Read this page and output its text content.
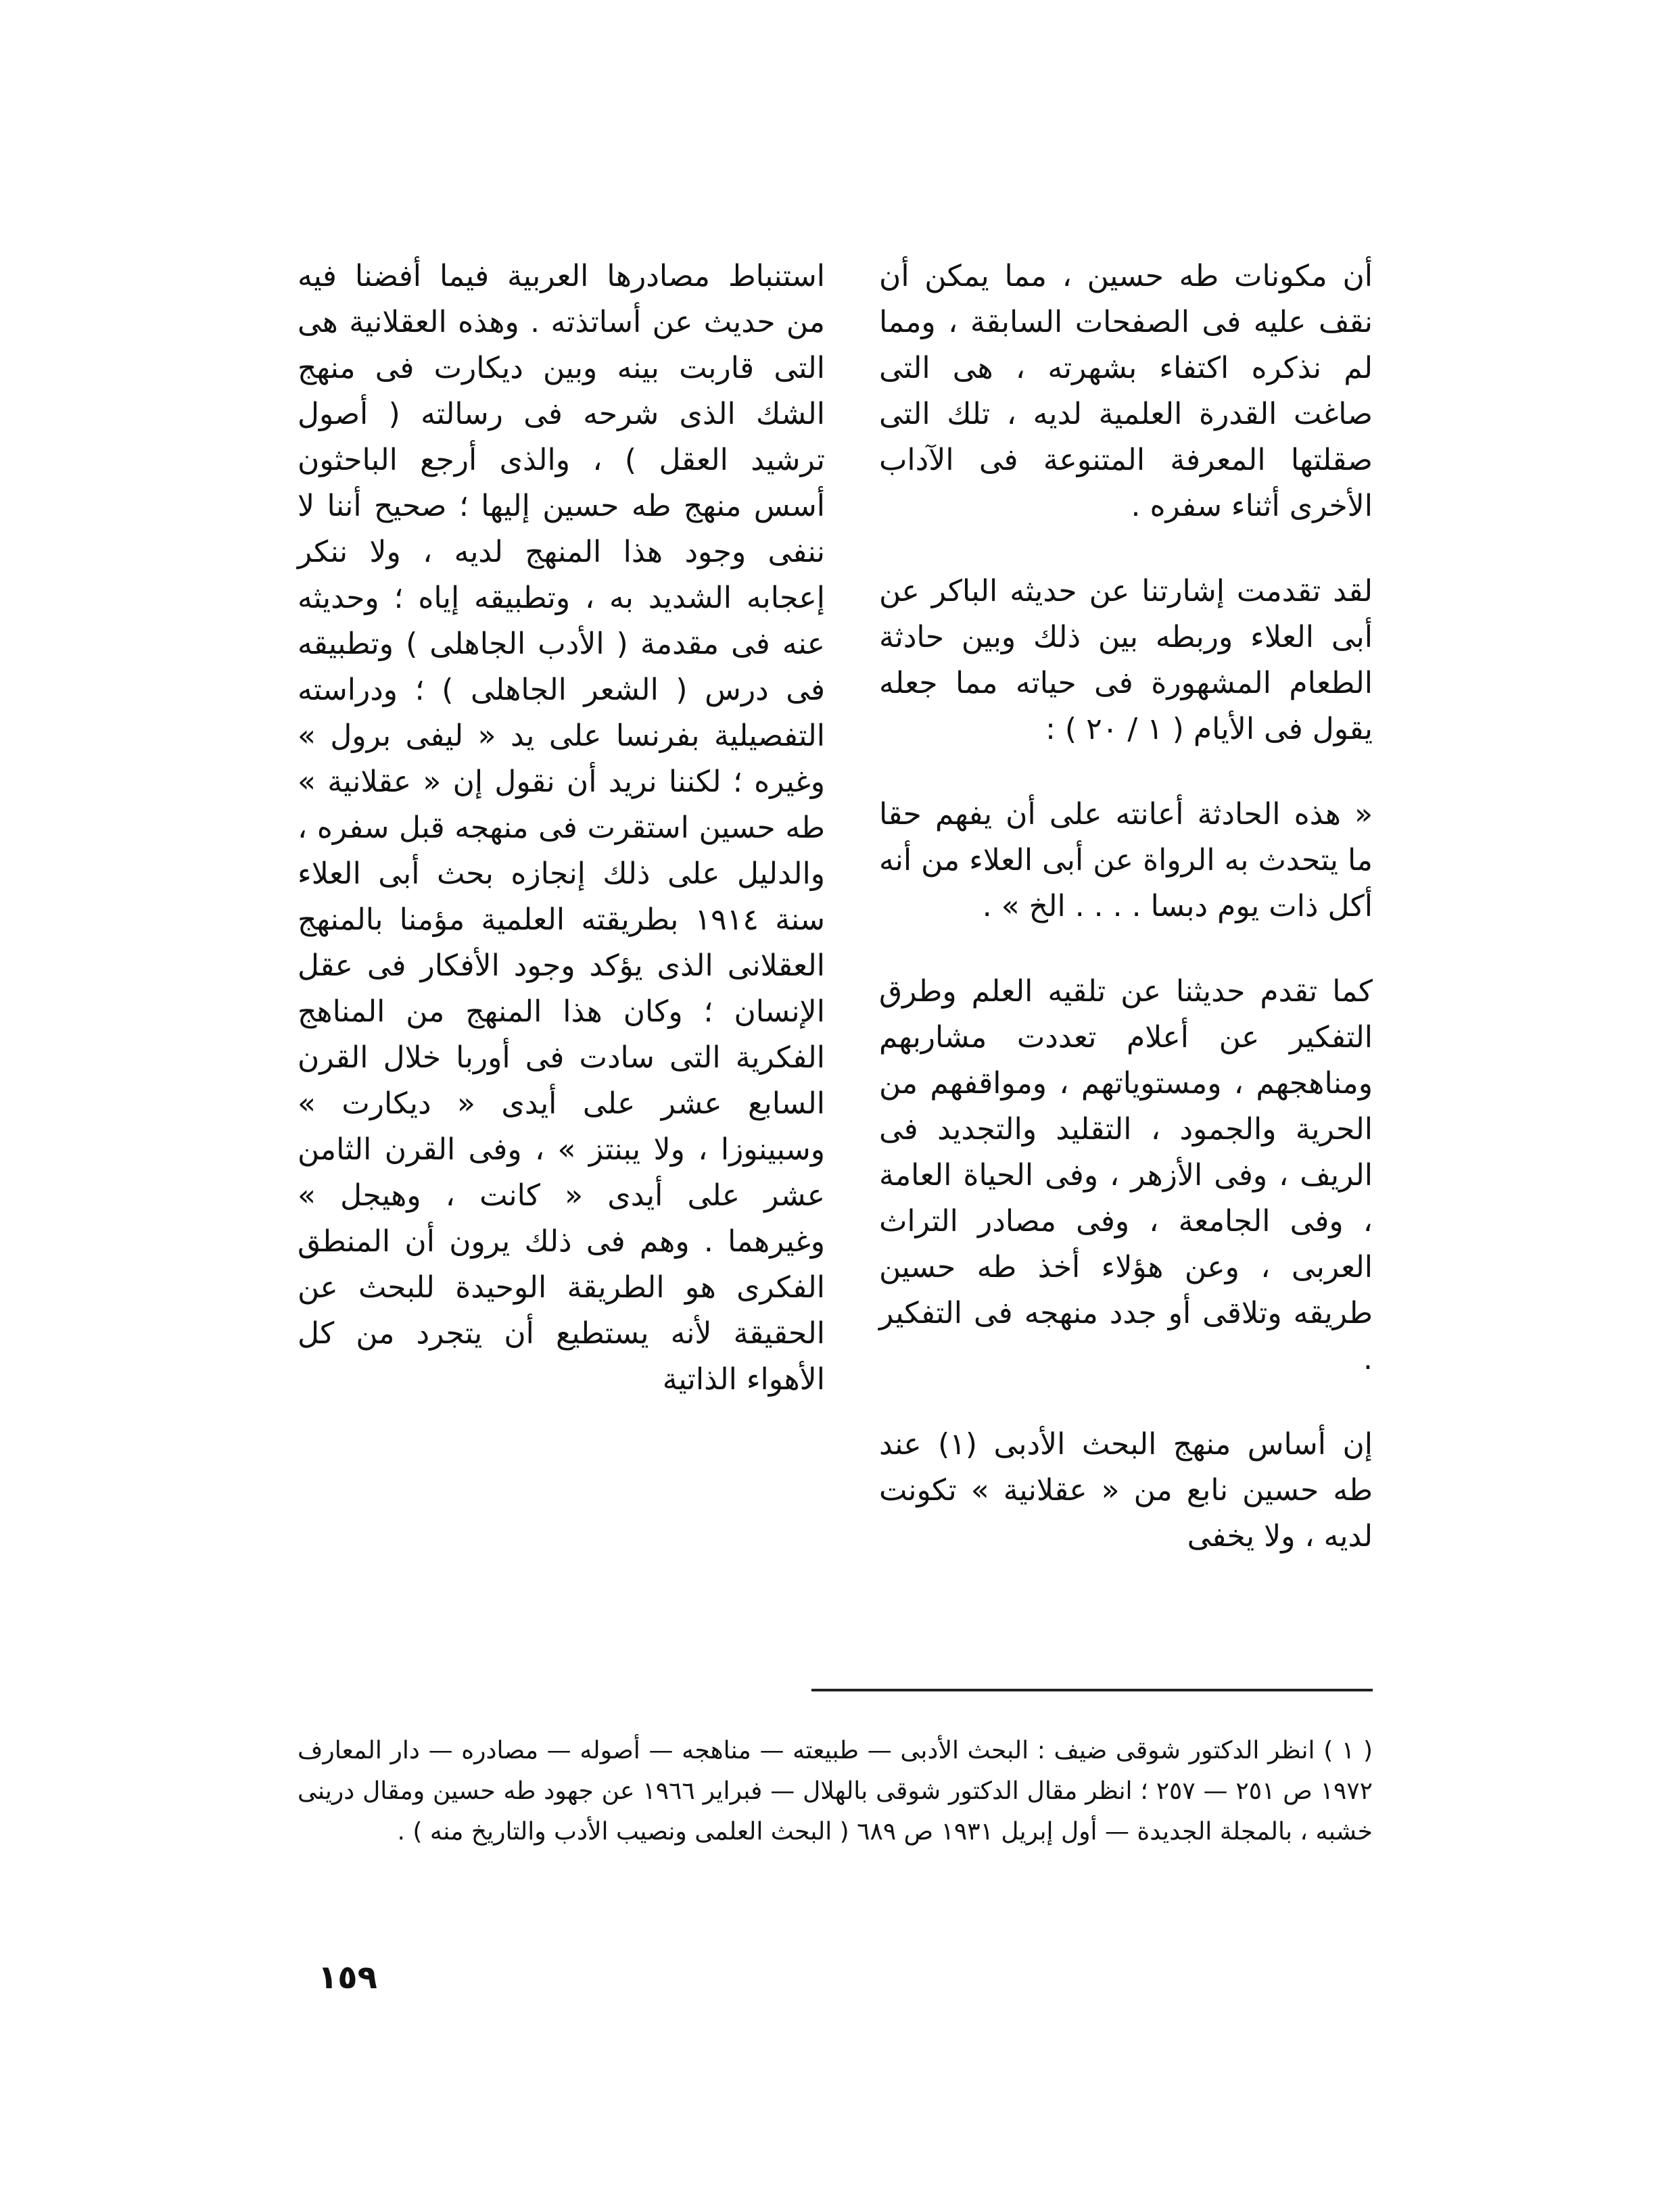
أن مكونات طه حسين ، مما يمكن أن نقف عليه فى الصفحات السابقة ، ومما لم نذكره اكتفاء بشهرته ، هى التى صاغت القدرة العلمية لديه ، تلك التى صقلتها المعرفة المتنوعة فى الآداب الأخرى أثناء سفره .

لقد تقدمت إشارتنا عن حديثه الباكر عن أبى العلاء وربطه بين ذلك وبين حادثة الطعام المشهورة فى حياته مما جعله يقول فى الأيام ( ١ / ٢٠ ) :

« هذه الحادثة أعانته على أن يفهم حقا ما يتحدث به الرواة عن أبى العلاء من أنه أكل ذات يوم دبسا . . . . الخ » .

كما تقدم حديثنا عن تلقيه العلم وطرق التفكير عن أعلام تعددت مشاربهم ومناهجهم ، ومستوياتهم ، ومواقفهم من الحرية والجمود ، التقليد والتجديد فى الريف ، وفى الأزهر ، وفى الحياة العامة ، وفى الجامعة ، وفى مصادر التراث العربى ، وعن هؤلاء أخذ طه حسين طريقه وتلاقى أو جدد منهجه فى التفكير .

إن أساس منهج البحث الأدبى (١) عند طه حسين نابع من « عقلانية » تكونت لديه ، ولا يخفى

استنباط مصادرها العربية فيما أفضنا فيه من حديث عن أساتذته . وهذه العقلانية هى التى قاربت بينه وبين ديكارت فى منهج الشك الذى شرحه فى رسالته ( أصول ترشيد العقل ) ، والذى أرجع الباحثون أسس منهج طه حسين إليها ؛ صحيح أننا لا ننفى وجود هذا المنهج لديه ، ولا ننكر إعجابه الشديد به ، وتطبيقه إياه ؛ وحديثه عنه فى مقدمة ( الأدب الجاهلى ) وتطبيقه فى درس ( الشعر الجاهلى ) ؛ ودراسته التفصيلية بفرنسا على يد « ليفى برول » وغيره ؛ لكننا نريد أن نقول إن « عقلانية » طه حسين استقرت فى منهجه قبل سفره ، والدليل على ذلك إنجازه بحث أبى العلاء سنة ١٩١٤ بطريقته العلمية مؤمنا بالمنهج العقلانى الذى يؤكد وجود الأفكار فى عقل الإنسان ؛ وكان هذا المنهج من المناهج الفكرية التى سادت فى أوربا خلال القرن السابع عشر على أيدى « ديكارت » وسبينوزا ، ولا يبنتز » ، وفى القرن الثامن عشر على أيدى « كانت ، وهيجل » وغيرهما . وهم فى ذلك يرون أن المنطق الفكرى هو الطريقة الوحيدة للبحث عن الحقيقة لأنه يستطيع أن يتجرد من كل الأهواء الذاتية

( ١ ) انظر الدكتور شوقى ضيف : البحث الأدبى — طبيعته — مناهجه — أصوله — مصادره — دار المعارف ١٩٧٢ ص ٢٥١ — ٢٥٧ ؛ انظر مقال الدكتور شوقى بالهلال — فبراير ١٩٦٦ عن جهود طه حسين ومقال درينى خشبه ، بالمجلة الجديدة — أول إبريل ١٩٣١ ص ٦٨٩ ( البحث العلمى ونصيب الأدب والتاريخ منه ) .
١٥٩
